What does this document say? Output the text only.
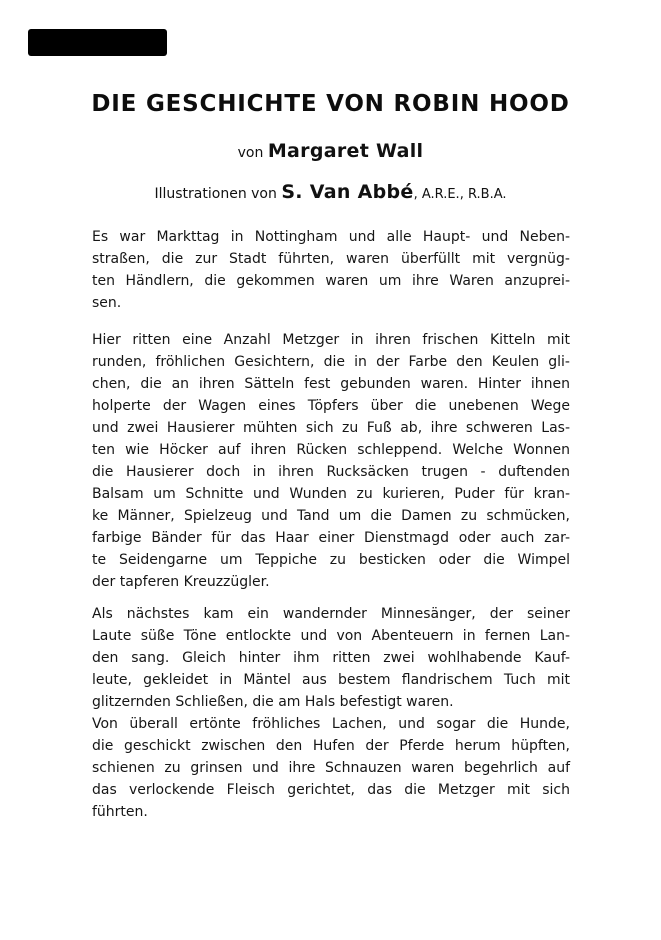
DIE GESCHICHTE VON ROBIN HOOD
von Margaret Wall
Illustrationen von S. Van Abbé, A.R.E., R.B.A.
Es war Markttag in Nottingham und alle Haupt- und Neben-
straßen, die zur Stadt führten, waren überfüllt mit vergnüg-
ten Händlern, die gekommen waren um ihre Waren anzuprei-
sen.
Hier ritten eine Anzahl Metzger in ihren frischen Kitteln mit
runden, fröhlichen Gesichtern, die in der Farbe den Keulen gli-
chen, die an ihren Sätteln fest gebunden waren. Hinter ihnen
holperte der Wagen eines Töpfers über die unebenen Wege
und zwei Hausierer mühten sich zu Fuß ab, ihre schweren Las-
ten wie Höcker auf ihren Rücken schleppend. Welche Wonnen
die Hausierer doch in ihren Rucksäcken trugen - duftenden
Balsam um Schnitte und Wunden zu kurieren, Puder für kran-
ke Männer, Spielzeug und Tand um die Damen zu schmücken,
farbige Bänder für das Haar einer Dienstmagd oder auch zar-
te Seidengarne um Teppiche zu besticken oder die Wimpel
der tapferen Kreuzzügler.
Als nächstes kam ein wandernder Minnesänger, der seiner
Laute süße Töne entlockte und von Abenteuern in fernen Lan-
den sang. Gleich hinter ihm ritten zwei wohlhabende Kauf-
leute, gekleidet in Mäntel aus bestem flandrischem Tuch mit
glitzernden Schließen, die am Hals befestigt waren.
Von überall ertönte fröhliches Lachen, und sogar die Hunde,
die geschickt zwischen den Hufen der Pferde herum hüpften,
schienen zu grinsen und ihre Schnauzen waren begehrlich auf
das verlockende Fleisch gerichtet, das die Metzger mit sich
führten.
